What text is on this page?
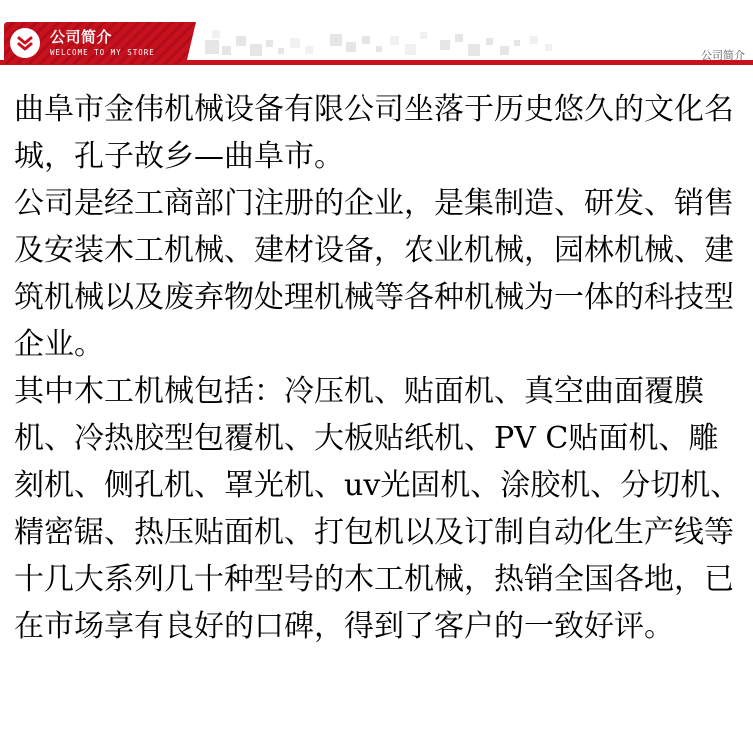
公司简介
WELCOME TO MY STORE	公司简介

曲阜市金伟机械设备有限公司坐落于历史悠久的文化名城，孔子故乡—曲阜市。

公司是经工商部门注册的企业，是集制造、研发、销售及安装木工机械、建材设备，农业机械，园林机械、建筑机械以及废弃物处理机械等各种机械为一体的科技型企业。

其中木工机械包括：冷压机、贴面机、真空曲面覆膜机、冷热胶型包覆机、大板贴纸机、PV C贴面机、雕刻机、侧孔机、罩光机、uv光固机、涂胶机、分切机、精密锯、热压贴面机、打包机以及订制自动化生产线等十几大系列几十种型号的木工机械，热销全国各地，已在市场享有良好的口碑，得到了客户的一致好评。
